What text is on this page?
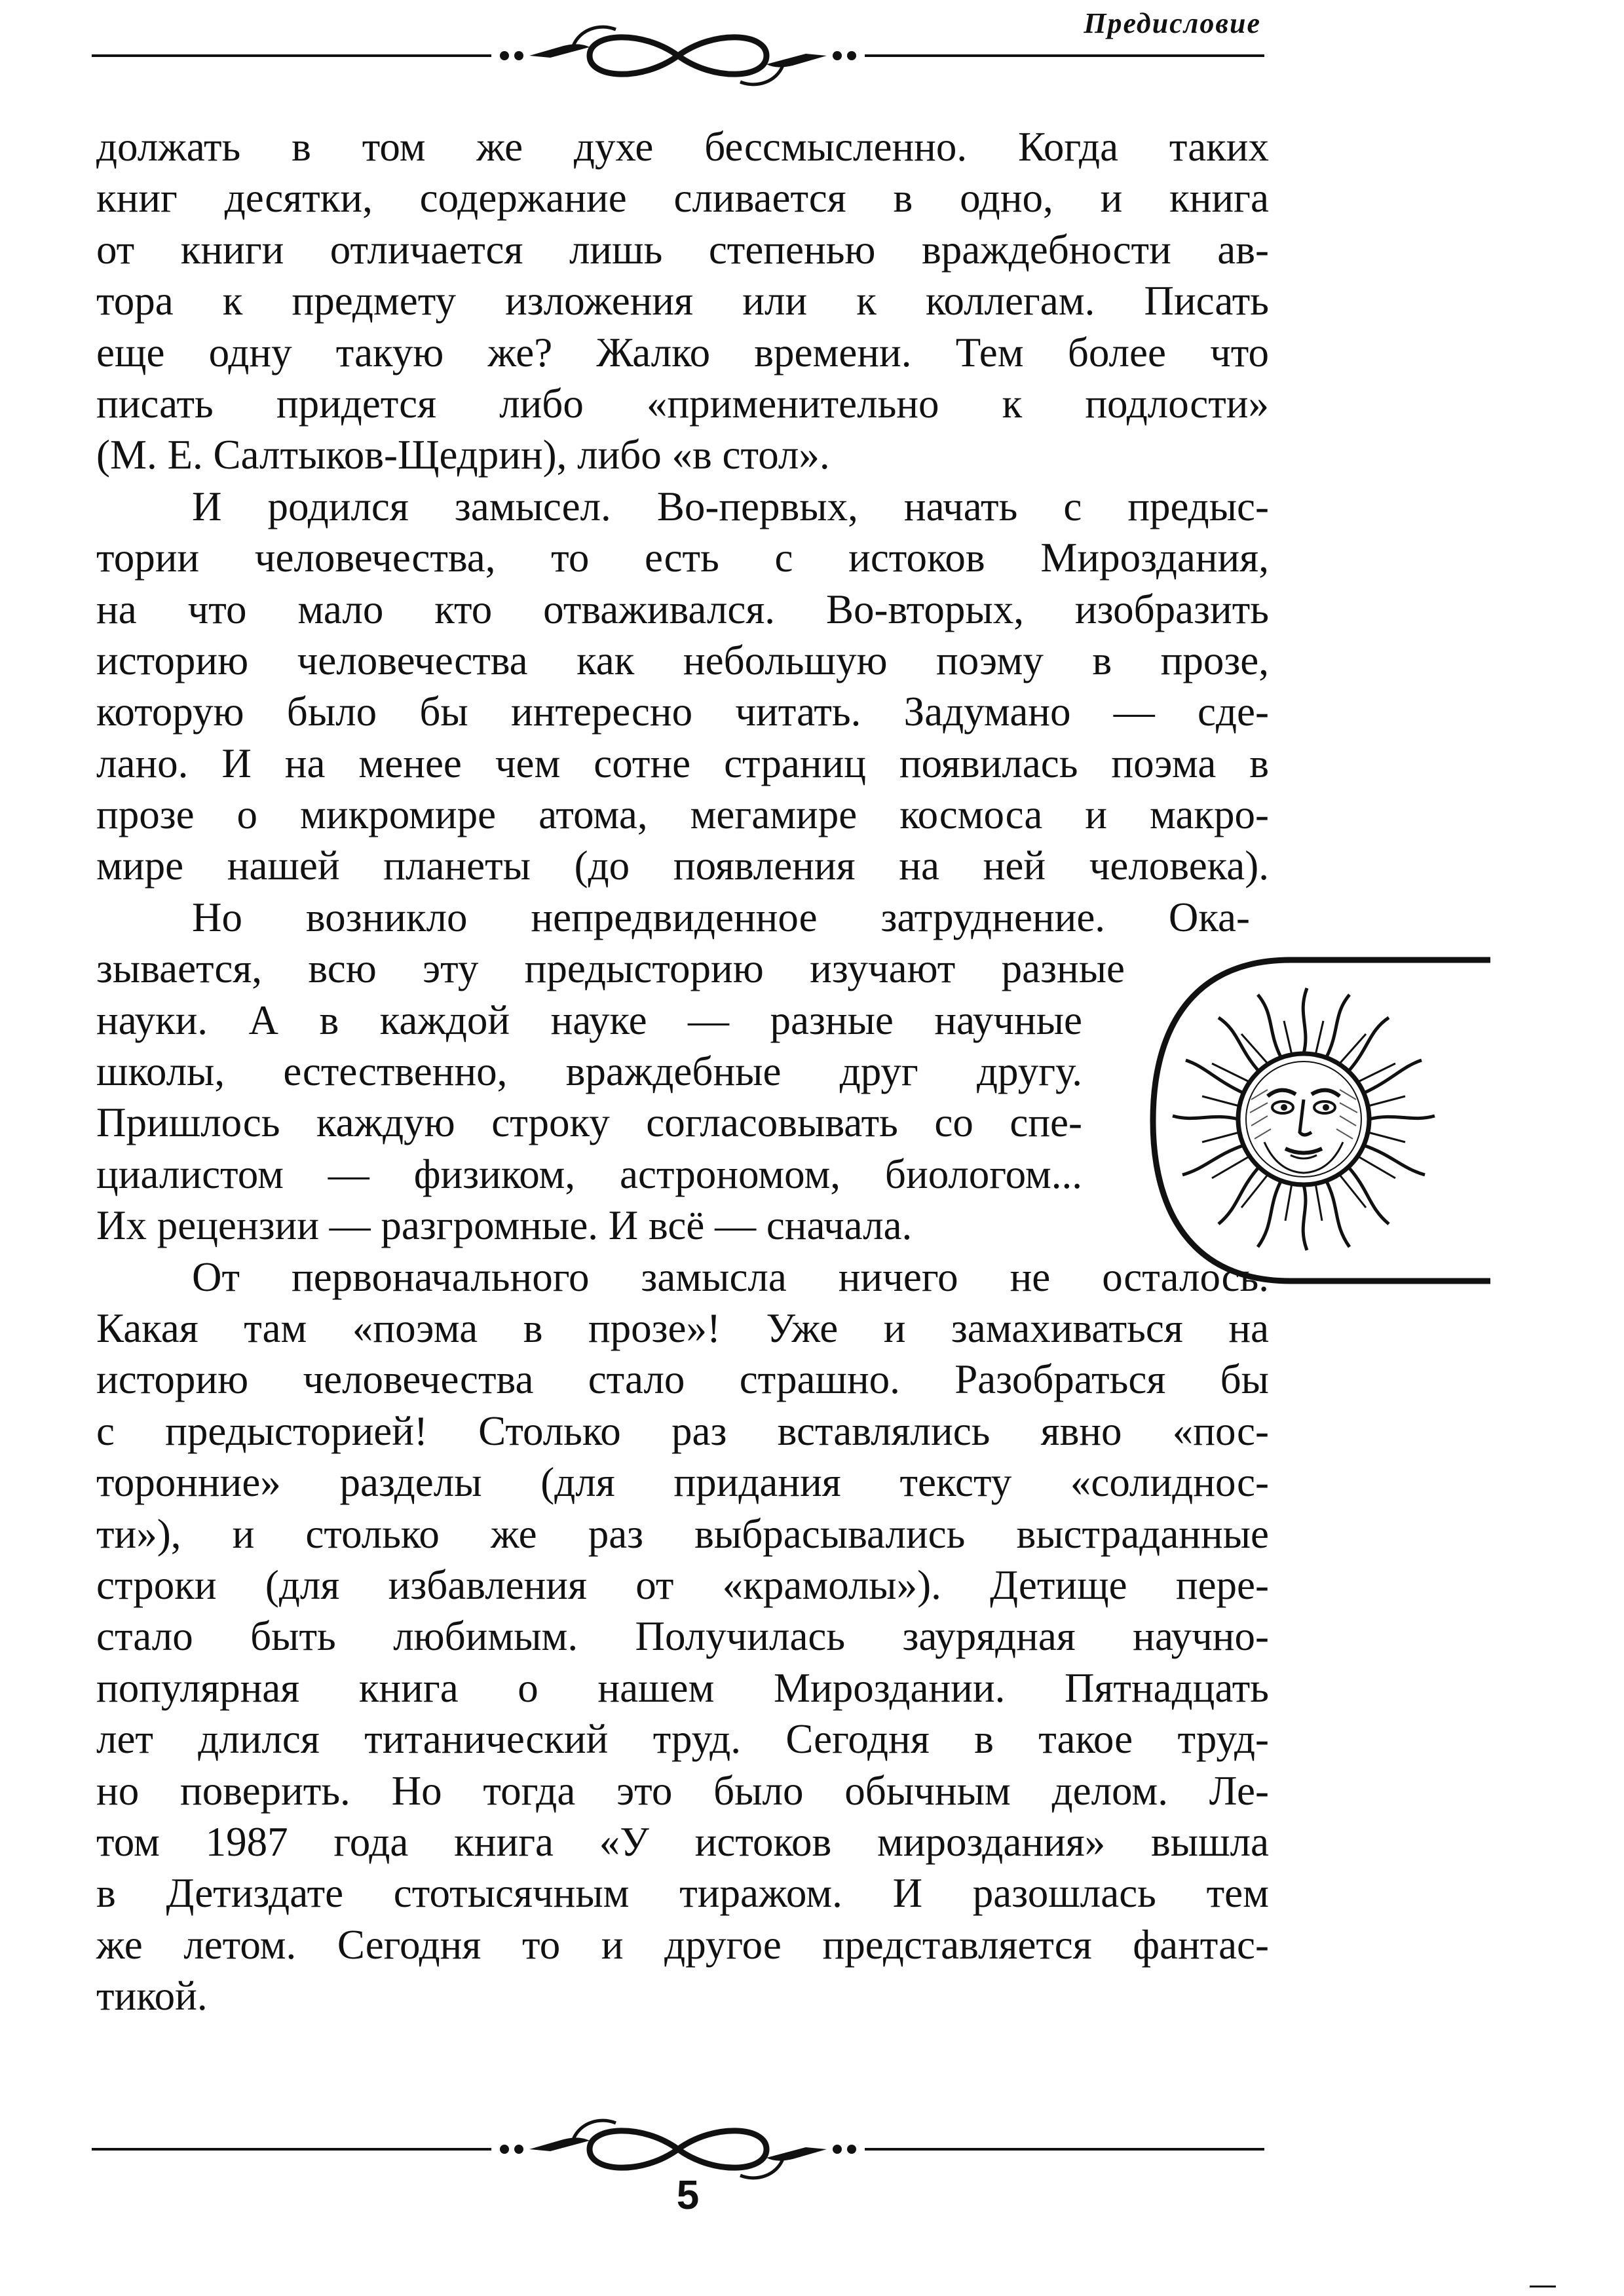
Предисловие
должать в том же духе бессмысленно. Когда таких
книг десятки, содержание сливается в одно, и книга
от книги отличается лишь степенью враждебности ав-
тора к предмету изложения или к коллегам. Писать
еще одну такую же? Жалко времени. Тем более что
писать придется либо «применительно к подлости»
(М. Е. Салтыков-Щедрин), либо «в стол».
И родился замысел. Во-первых, начать с предыс-
тории человечества, то есть с истоков Мироздания,
на что мало кто отваживался. Во-вторых, изобразить
историю человечества как небольшую поэму в прозе,
которую было бы интересно читать. Задумано — сде-
лано. И на менее чем сотне страниц появилась поэма в
прозе о микромире атома, мегамире космоса и макро-
мире нашей планеты (до появления на ней человека).
Но возникло непредвиденное затруднение. Ока-
зывается, всю эту предысторию изучают разные
науки. А в каждой науке — разные научные
школы, естественно, враждебные друг другу.
Пришлось каждую строку согласовывать со спе-
циалистом — физиком, астрономом, биологом...
Их рецензии — разгромные. И всё — сначала.
От первоначального замысла ничего не осталось.
Какая там «поэма в прозе»! Уже и замахиваться на
историю человечества стало страшно. Разобраться бы
с предысторией! Столько раз вставлялись явно «пос-
торонние» разделы (для придания тексту «солиднос-
ти»), и столько же раз выбрасывались выстраданные
строки (для избавления от «крамолы»). Детище пере-
стало быть любимым. Получилась заурядная научно-
популярная книга о нашем Мироздании. Пятнадцать
лет длился титанический труд. Сегодня в такое труд-
но поверить. Но тогда это было обычным делом. Ле-
том 1987 года книга «У истоков мироздания» вышла
в Детиздате стотысячным тиражом. И разошлась тем
же летом. Сегодня то и другое представляется фантас-
тикой.
5
